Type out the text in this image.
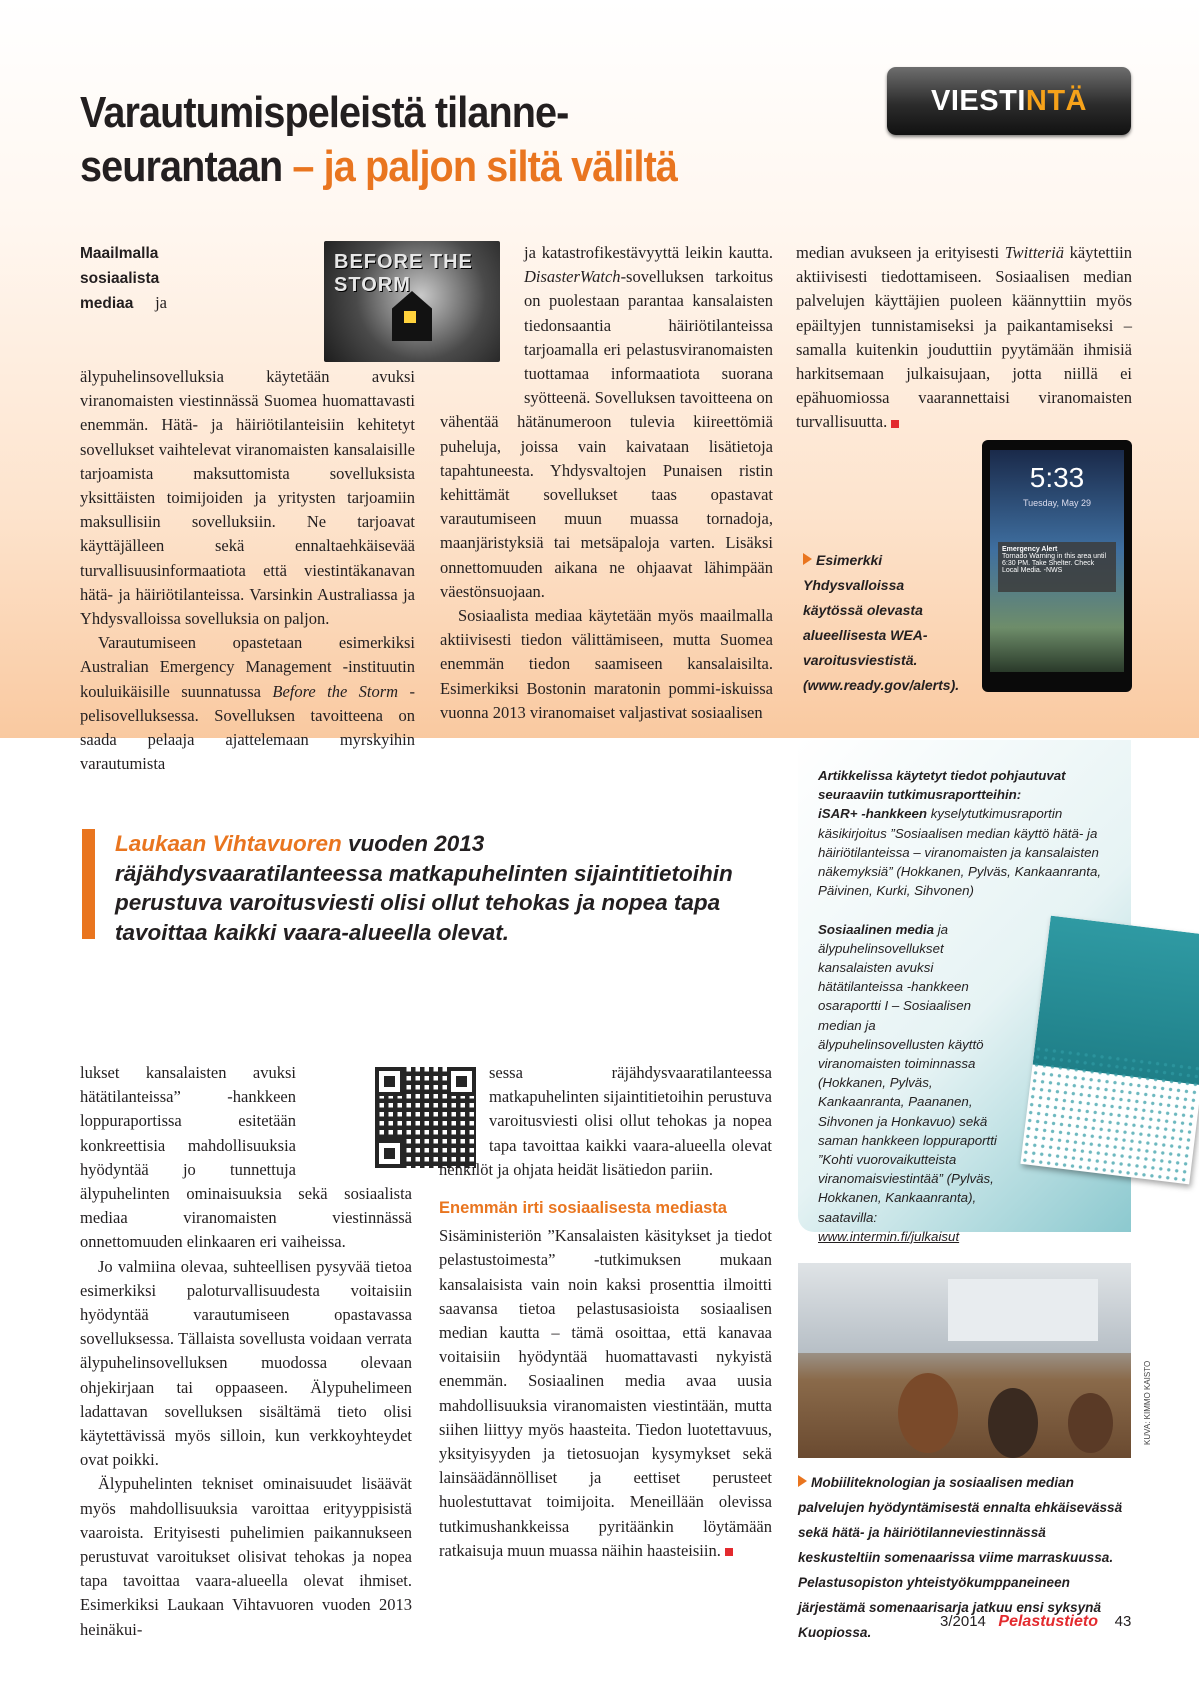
VIESTINTÄ
Varautumispeleistä tilanne-
seurantaan – ja paljon siltä väliltä
BEFORE THE STORM

Maailmalla sosiaalista mediaa ja älypuhelinsovelluksia käytetään avuksi viranomaisten viestinnässä Suomea huomattavasti enemmän. Hätä- ja häiriötilanteisiin kehitetyt sovellukset vaihtelevat viranomaisten kansalaisille tarjoamista maksuttomista sovelluksista yksittäisten toimijoiden ja yritysten tarjoamiin maksullisiin sovelluksiin. Ne tarjoavat käyttäjälleen sekä ennaltaehkäisevää turvallisuusinformaatiota että viestintäkanavan hätä- ja häiriötilanteissa. Varsinkin Australiassa ja Yhdysvalloissa sovelluksia on paljon.

Varautumiseen opastetaan esimerkiksi Australian Emergency Management -instituutin kouluikäisille suunnatussa Before the Storm -pelisovelluksessa. Sovelluksen tavoitteena on saada pelaaja ajattelemaan myrskyihin varautumista

ja katastrofikestävyyttä leikin kautta. DisasterWatch-sovelluksen tarkoitus on puolestaan parantaa kansalaisten tiedonsaantia häiriötilanteissa tarjoamalla eri pelastusviranomaisten tuottamaa informaatiota suorana syötteenä. Sovelluksen tavoitteena on vähentää hätänumeroon tulevia kiireettömiä puheluja, joissa vain kaivataan lisätietoja tapahtuneesta. Yhdysvaltojen Punaisen ristin kehittämät sovellukset taas opastavat varautumiseen muun muassa tornadoja, maanjäristyksiä tai metsäpaloja varten. Lisäksi onnettomuuden aikana ne ohjaavat lähimpään väestönsuojaan.

Sosiaalista mediaa käytetään myös maailmalla aktiivisesti tiedon välittämiseen, mutta Suomea enemmän tiedon saamiseen kansalaisilta. Esimerkiksi Bostonin maratonin pommi-iskuissa vuonna 2013 viranomaiset valjastivat sosiaalisen

median avukseen ja erityisesti Twitteriä käytettiin aktiivisesti tiedottamiseen. Sosiaalisen median palvelujen käyttäjien puoleen käännyttiin myös epäiltyjen tunnistamiseksi ja paikantamiseksi – samalla kuitenkin jouduttiin pyytämään ihmisiä harkitsemaan julkaisujaan, jotta niillä ei epähuomiossa vaarannettaisi viranomaisten turvallisuutta.

5:33
Tuesday, May 29
Emergency Alert
Tornado Warning in this area until 6:30 PM. Take Shelter. Check Local Media. -NWS
Esimerkki Yhdysvalloissa käytössä olevasta alueellisesta WEA-varoitusviestistä. (www.ready.gov/alerts).
Laukaan Vihtavuoren vuoden 2013 räjähdysvaaratilanteessa matkapuhelinten sijaintitietoihin perustuva varoitusviesti olisi ollut tehokas ja nopea tapa tavoittaa kaikki vaara-alueella olevat.

lukset kansalaisten avuksi hätätilanteissa” -hankkeen loppuraportissa esitetään konkreettisia mahdollisuuksia hyödyntää jo tunnettuja älypuhelinten ominaisuuksia sekä sosiaalista mediaa viranomaisten viestinnässä onnettomuuden elinkaaren eri vaiheissa.

Jo valmiina olevaa, suhteellisen pysyvää tietoa esimerkiksi paloturvallisuudesta voitaisiin hyödyntää varautumiseen opastavassa sovelluksessa. Tällaista sovellusta voidaan verrata älypuhelinsovelluksen muodossa olevaan ohjekirjaan tai oppaaseen. Älypuhelimeen ladattavan sovelluksen sisältämä tieto olisi käytettävissä myös silloin, kun verkkoyhteydet ovat poikki.

Älypuhelinten tekniset ominaisuudet lisäävät myös mahdollisuuksia varoittaa erityyppisistä vaaroista. Erityisesti puhelimien paikannukseen perustuvat varoitukset olisivat tehokas ja nopea tapa tavoittaa vaara-alueella olevat ihmiset. Esimerkiksi Laukaan Vihtavuoren vuoden 2013 heinäkui-

sessa räjähdysvaaratilanteessa matkapuhelinten sijaintitietoihin perustuva varoitusviesti olisi ollut tehokas ja nopea tapa tavoittaa kaikki vaara-alueella olevat henkilöt ja ohjata heidät lisätiedon pariin.

Enemmän irti sosiaalisesta mediasta

Sisäministeriön ”Kansalaisten käsitykset ja tiedot pelastustoimesta” -tutkimuksen mukaan kansalaisista vain noin kaksi prosenttia ilmoitti saavansa tietoa pelastusasioista sosiaalisen median kautta – tämä osoittaa, että kanavaa voitaisiin hyödyntää huomattavasti nykyistä enemmän. Sosiaalinen media avaa uusia mahdollisuuksia viranomaisten viestintään, mutta siihen liittyy myös haasteita. Tiedon luotettavuus, yksityisyyden ja tietosuojan kysymykset sekä lainsäädännölliset ja eettiset perusteet huolestuttavat toimijoita. Meneillään olevissa tutkimushankkeissa pyritäänkin löytämään ratkaisuja muun muassa näihin haasteisiin.

Artikkelissa käytetyt tiedot pohjautuvat seuraaviin tutkimusraportteihin:
iSAR+ -hankkeen kyselytutkimusraportin käsikirjoitus ”Sosiaalisen median käyttö hätä- ja häiriötilanteissa – viranomaisten ja kansalaisten näkemyksiä” (Hokkanen, Pylväs, Kankaanranta, Päivinen, Kurki, Sihvonen)

Sosiaalinen media ja älypuhelinsovellukset kansalaisten avuksi hätätilanteissa -hankkeen osaraportti I – Sosiaalisen median ja älypuhelinsovellusten käyttö viranomaisten toiminnassa (Hokkanen, Pylväs, Kankaanranta, Paananen, Sihvonen ja Honkavuo) sekä saman hankkeen loppuraportti ”Kohti vuorovaikutteista viranomaisviestintää” (Pylväs, Hokkanen, Kankaanranta), saatavilla: www.intermin.fi/julkaisut
KUVA: KIMMO KAISTO
Mobiiliteknologian ja sosiaalisen median palvelujen hyödyntämisestä ennalta ehkäisevässä sekä hätä- ja häiriötilanneviestinnässä keskusteltiin somenaarissa viime marraskuussa. Pelastusopiston yhteistyökumppaneineen järjestämä somenaarisarja jatkuu ensi syksynä Kuopiossa.
3/2014 Pelastustieto 43
